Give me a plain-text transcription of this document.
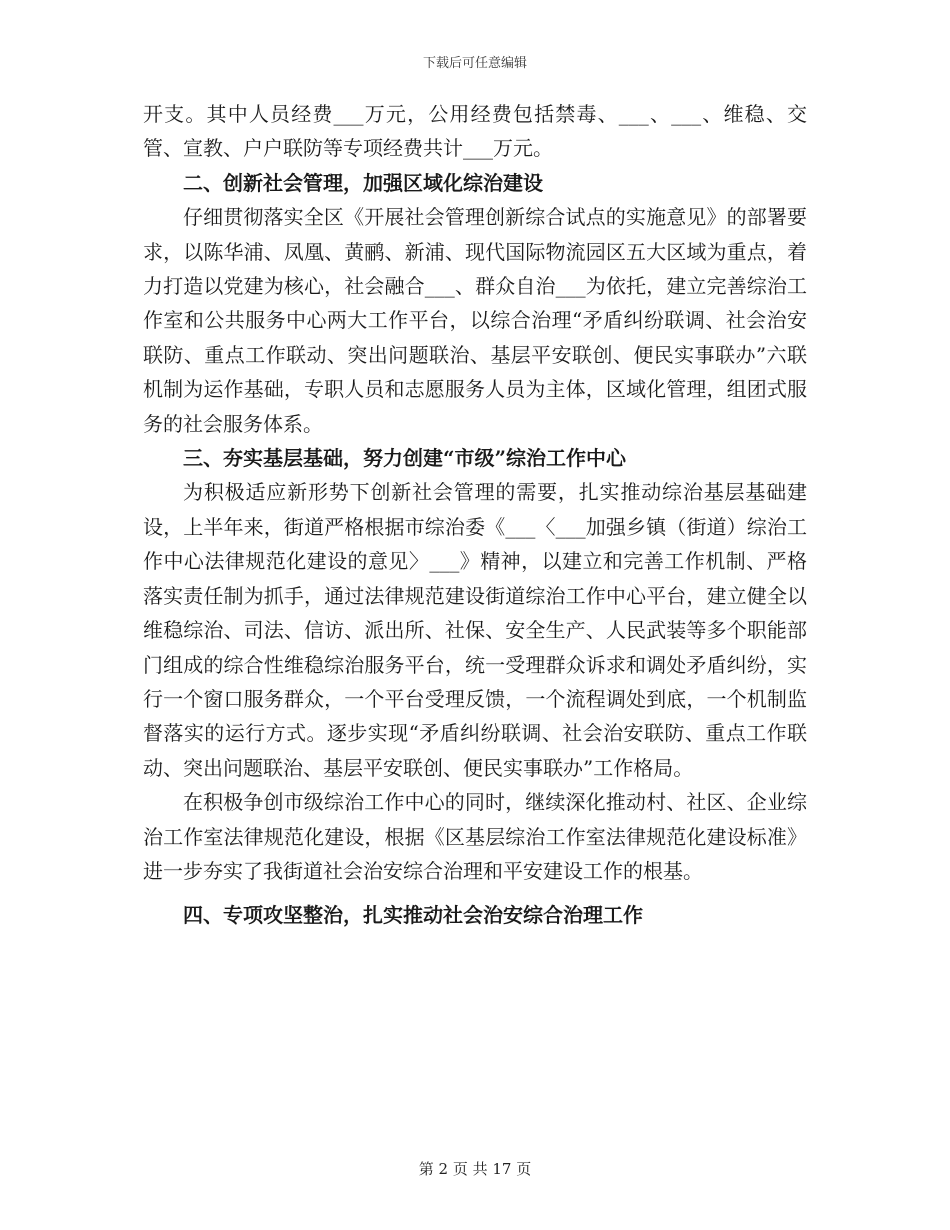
下载后可任意编辑

开支。其中人员经费___万元，公用经费包括禁毒、___、___、维稳、交管、宣教、户户联防等专项经费共计___万元。

二、创新社会管理，加强区域化综治建设

仔细贯彻落实全区《开展社会管理创新综合试点的实施意见》的部署要求，以陈华浦、凤凰、黄鹂、新浦、现代国际物流园区五大区域为重点，着力打造以党建为核心，社会融合___、群众自治___为依托，建立完善综治工作室和公共服务中心两大工作平台，以综合治理“矛盾纠纷联调、社会治安联防、重点工作联动、突出问题联治、基层平安联创、便民实事联办”六联机制为运作基础，专职人员和志愿服务人员为主体，区域化管理，组团式服务的社会服务体系。

三、夯实基层基础，努力创建“市级”综治工作中心

为积极适应新形势下创新社会管理的需要，扎实推动综治基层基础建设，上半年来，街道严格根据市综治委《___〈___加强乡镇（街道）综治工作中心法律规范化建设的意见〉___》精神，以建立和完善工作机制、严格落实责任制为抓手，通过法律规范建设街道综治工作中心平台，建立健全以维稳综治、司法、信访、派出所、社保、安全生产、人民武装等多个职能部门组成的综合性维稳综治服务平台，统一受理群众诉求和调处矛盾纠纷，实行一个窗口服务群众，一个平台受理反馈，一个流程调处到底，一个机制监督落实的运行方式。逐步实现“矛盾纠纷联调、社会治安联防、重点工作联动、突出问题联治、基层平安联创、便民实事联办”工作格局。

在积极争创市级综治工作中心的同时，继续深化推动村、社区、企业综治工作室法律规范化建设，根据《区基层综治工作室法律规范化建设标准》进一步夯实了我街道社会治安综合治理和平安建设工作的根基。

四、专项攻坚整治，扎实推动社会治安综合治理工作

第 2 页 共 17 页
